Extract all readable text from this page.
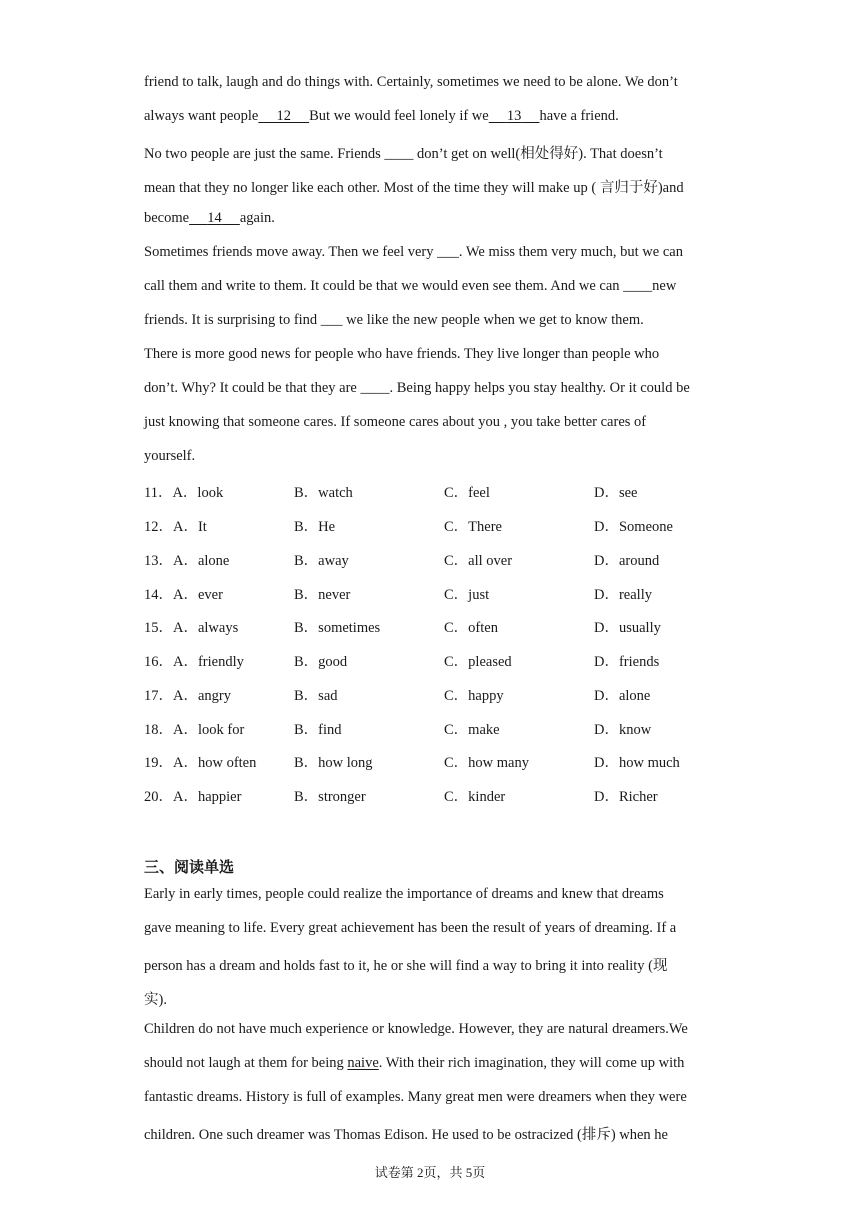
friend to talk, laugh and do things with. Certainly, sometimes we need to be alone. We don’t
always want people 12 But we would feel lonely if we 13 have a friend.
No two people are just the same. Friends ____ don’t get on well(相处得好). That doesn’t
mean that they no longer like each other. Most of the time they will make up ( 言归于好)and
become 14 again.
Sometimes friends move away. Then we feel very ___. We miss them very much, but we can
call them and write to them. It could be that we would even see them. And we can ____new
friends. It is surprising to find ___ we like the new people when we get to know them.
There is more good news for people who have friends. They live longer than people who
don’t. Why? It could be that they are ____. Being happy helps you stay healthy. Or it could be
just knowing that someone cares. If someone cares about you , you take better cares of
yourself.
11．A．look	B．watch	C．feel	D．see
12．A．It	B．He	C．There	D．Someone
13．A．alone	B．away	C．all over	D．around
14．A．ever	B．never	C．just	D．really
15．A．always	B．sometimes	C．often	D．usually
16．A．friendly	B．good	C．pleased	D．friends
17．A．angry	B．sad	C．happy	D．alone
18．A．look for	B．find	C．make	D．know
19．A．how often	B．how long	C．how many	D．how much
20．A．happier	B．stronger	C．kinder	D．Richer
三、阅读单选
Early in early times, people could realize the importance of dreams and knew that dreams
gave meaning to life. Every great achievement has been the result of years of dreaming. If a
person has a dream and holds fast to it, he or she will find a way to bring it into reality (现
实).
Children do not have much experience or knowledge. However, they are natural dreamers.We
should not laugh at them for being naive. With their rich imagination, they will come up with
fantastic dreams. History is full of examples. Many great men were dreamers when they were
children. One such dreamer was Thomas Edison. He used to be ostracized (排斥) when he
试卷第 2页，共 5页
